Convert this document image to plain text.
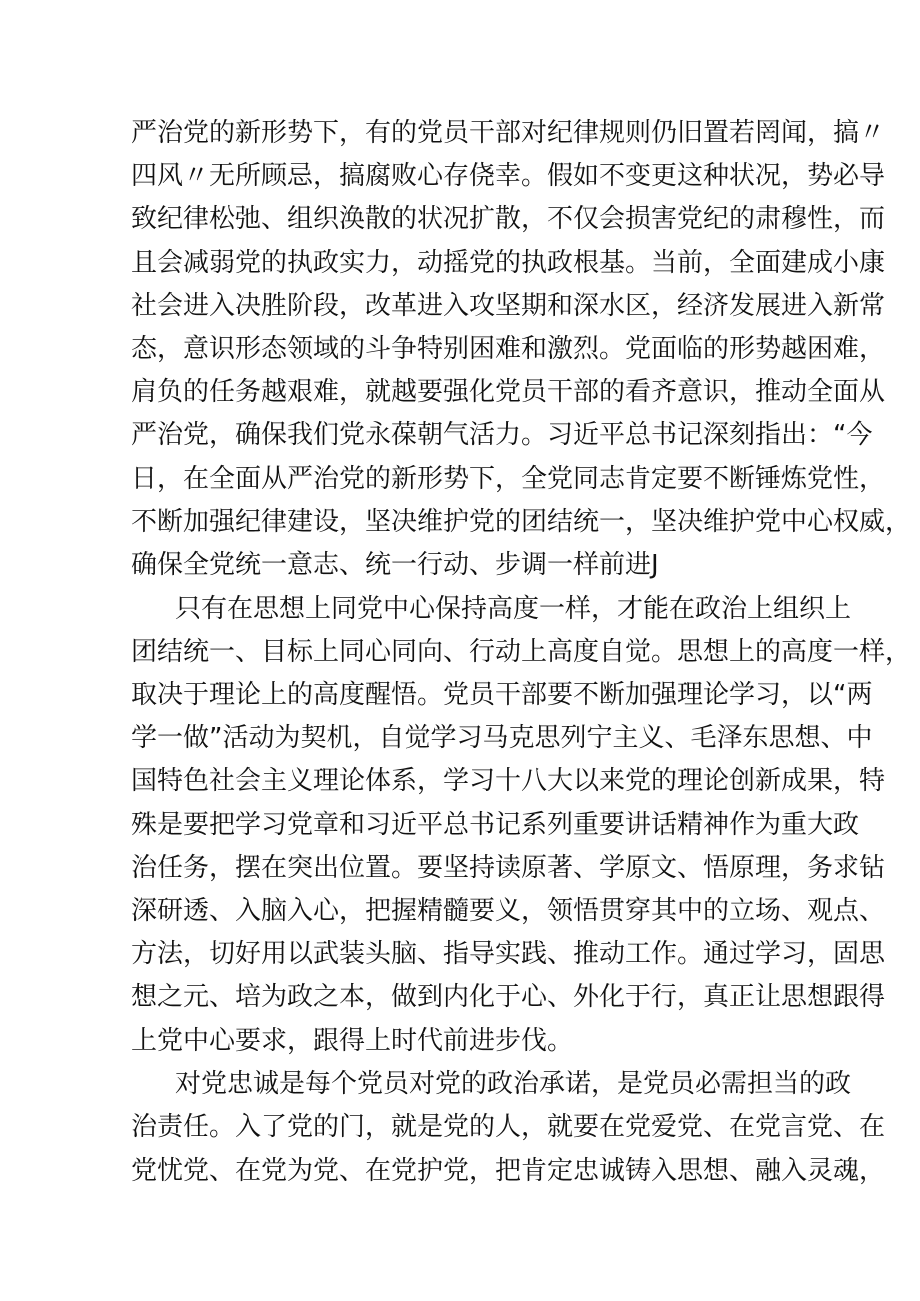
严治党的新形势下，有的党员干部对纪律规则仍旧置若罔闻，搞〃
四风〃无所顾忌，搞腐败心存侥幸。假如不变更这种状况，势必导
致纪律松弛、组织涣散的状况扩散，不仅会损害党纪的肃穆性，而
且会减弱党的执政实力，动摇党的执政根基。当前，全面建成小康
社会进入决胜阶段，改革进入攻坚期和深水区，经济发展进入新常
态，意识形态领域的斗争特别困难和激烈。党面临的形势越困难，
肩负的任务越艰难，就越要强化党员干部的看齐意识，推动全面从
严治党，确保我们党永葆朝气活力。习近平总书记深刻指出：“今
日，在全面从严治党的新形势下，全党同志肯定要不断锤炼党性，
不断加强纪律建设，坚决维护党的团结统一，坚决维护党中心权威，
确保全党统一意志、统一行动、步调一样前进J

只有在思想上同党中心保持高度一样，才能在政治上组织上
团结统一、目标上同心同向、行动上高度自觉。思想上的高度一样，
取决于理论上的高度醒悟。党员干部要不断加强理论学习，以“两
学一做”活动为契机，自觉学习马克思列宁主义、毛泽东思想、中
国特色社会主义理论体系，学习十八大以来党的理论创新成果，特
殊是要把学习党章和习近平总书记系列重要讲话精神作为重大政
治任务，摆在突出位置。要坚持读原著、学原文、悟原理，务求钻
深研透、入脑入心，把握精髓要义，领悟贯穿其中的立场、观点、
方法，切好用以武装头脑、指导实践、推动工作。通过学习，固思
想之元、培为政之本，做到内化于心、外化于行，真正让思想跟得
上党中心要求，跟得上时代前进步伐。

对党忠诚是每个党员对党的政治承诺，是党员必需担当的政
治责任。入了党的门，就是党的人，就要在党爱党、在党言党、在
党忧党、在党为党、在党护党，把肯定忠诚铸入思想、融入灵魂，
